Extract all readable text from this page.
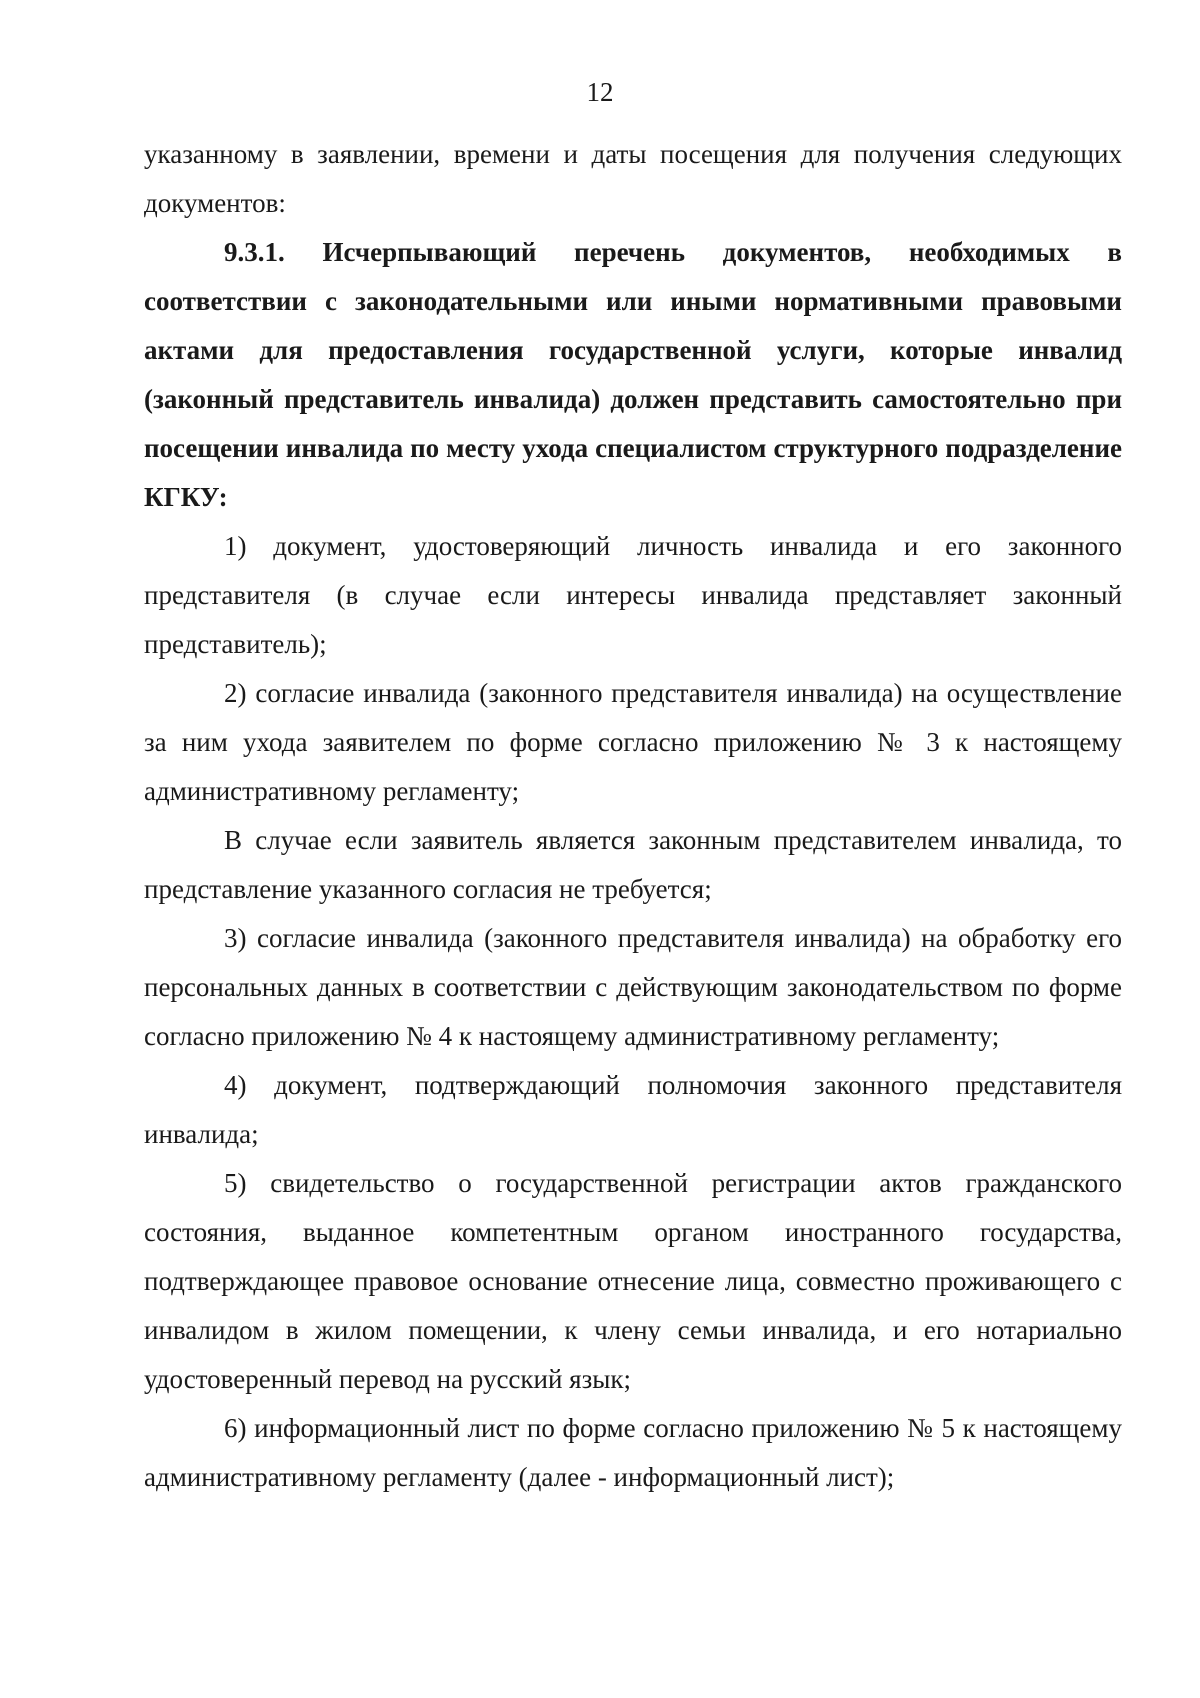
12

указанному в заявлении, времени и даты посещения для получения следующих документов:

9.3.1. Исчерпывающий перечень документов, необходимых в соответствии с законодательными или иными нормативными правовыми актами для предоставления государственной услуги, которые инвалид (законный представитель инвалида) должен представить самостоятельно при посещении инвалида по месту ухода специалистом структурного подразделение КГКУ:

1) документ, удостоверяющий личность инвалида и его законного представителя (в случае если интересы инвалида представляет законный представитель);

2) согласие инвалида (законного представителя инвалида) на осуществление за ним ухода заявителем по форме согласно приложению № 3 к настоящему административному регламенту;

В случае если заявитель является законным представителем инвалида, то представление указанного согласия не требуется;

3) согласие инвалида (законного представителя инвалида) на обработку его персональных данных в соответствии с действующим законодательством по форме согласно приложению № 4 к настоящему административному регламенту;

4) документ, подтверждающий полномочия законного представителя инвалида;

5) свидетельство о государственной регистрации актов гражданского состояния, выданное компетентным органом иностранного государства, подтверждающее правовое основание отнесение лица, совместно проживающего с инвалидом в жилом помещении, к члену семьи инвалида, и его нотариально удостоверенный перевод на русский язык;

6) информационный лист по форме согласно приложению № 5 к настоящему административному регламенту (далее - информационный лист);
